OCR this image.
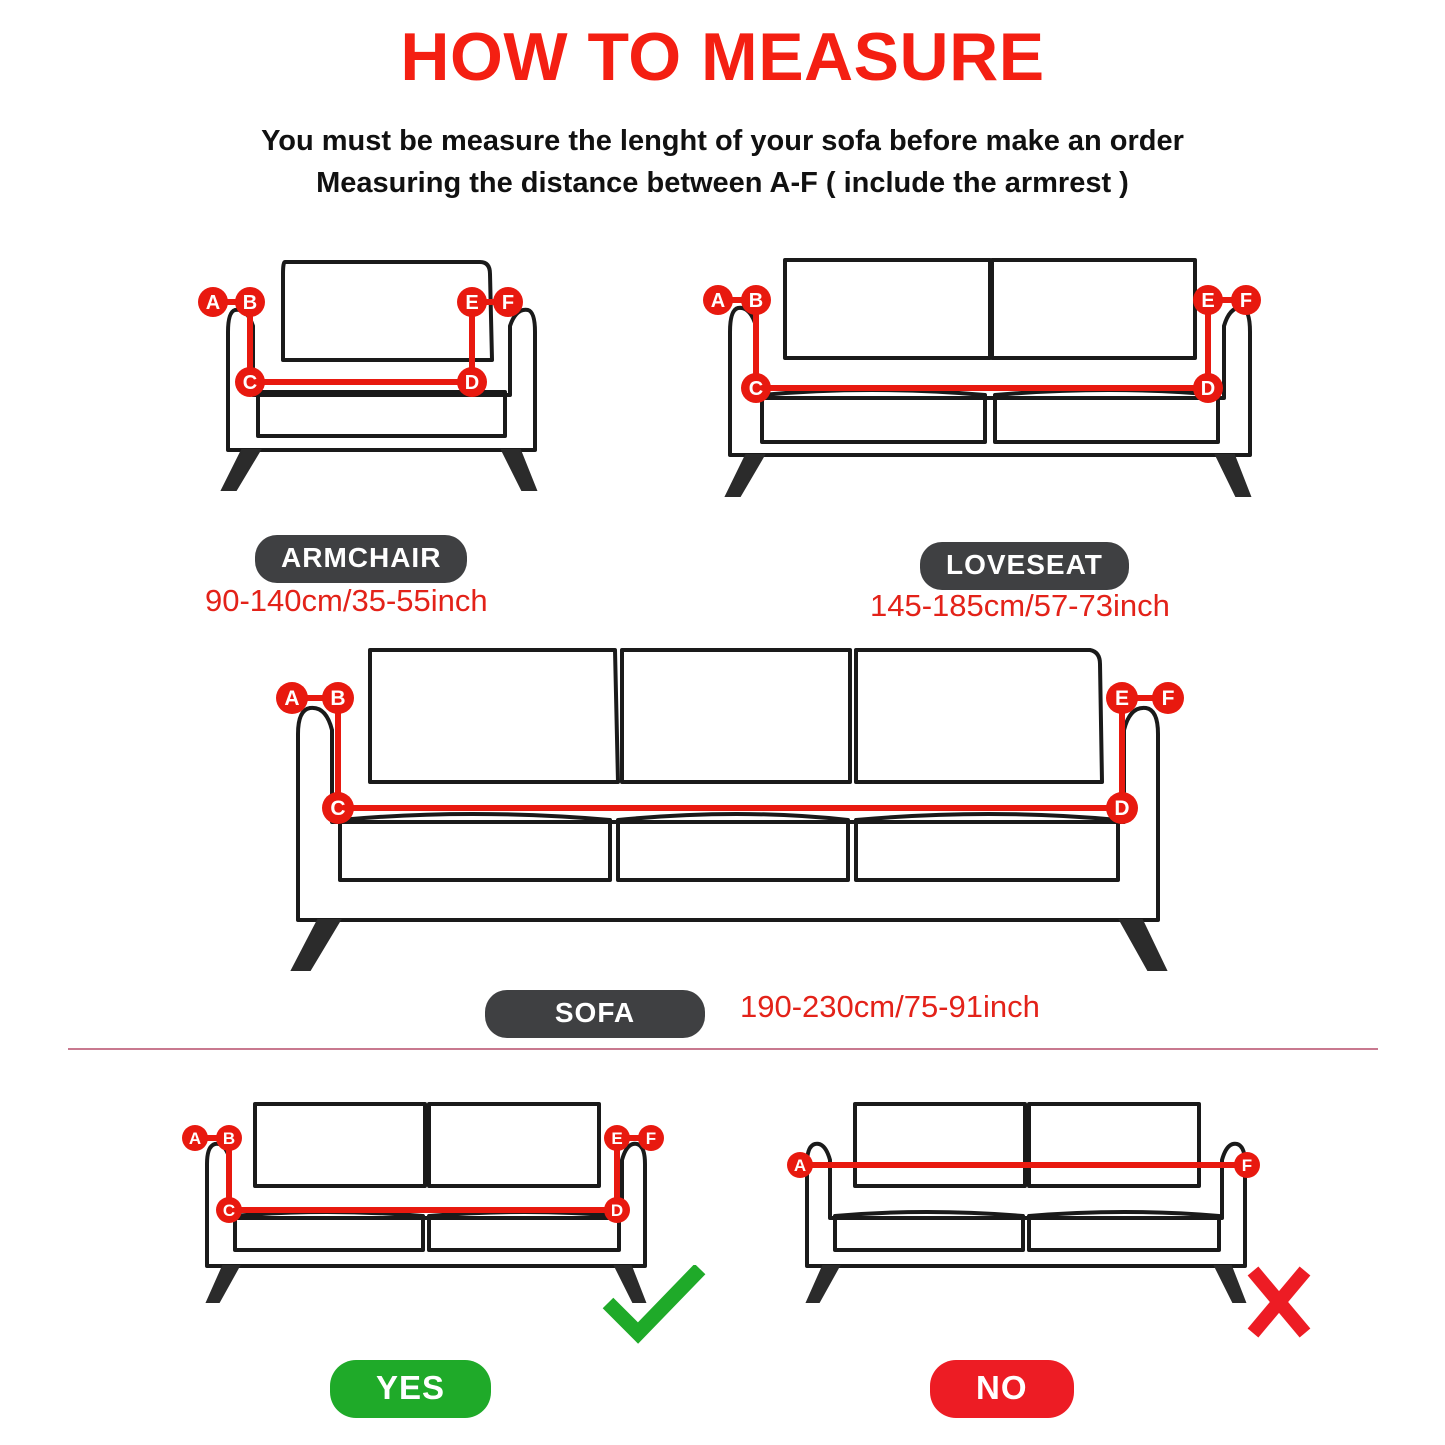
HOW TO MEASURE
You must be measure the lenght of your sofa before make an order
Measuring the distance between A-F ( include the armrest )
A B
C	D
E F
ARMCHAIR
90-140cm/35-55inch
A B
C	D
E F
LOVESEAT
145-185cm/57-73inch
A B
C	D
E F
SOFA	190-230cm/75-91inch
A B
C	D
E F
YES
A	F
NO
